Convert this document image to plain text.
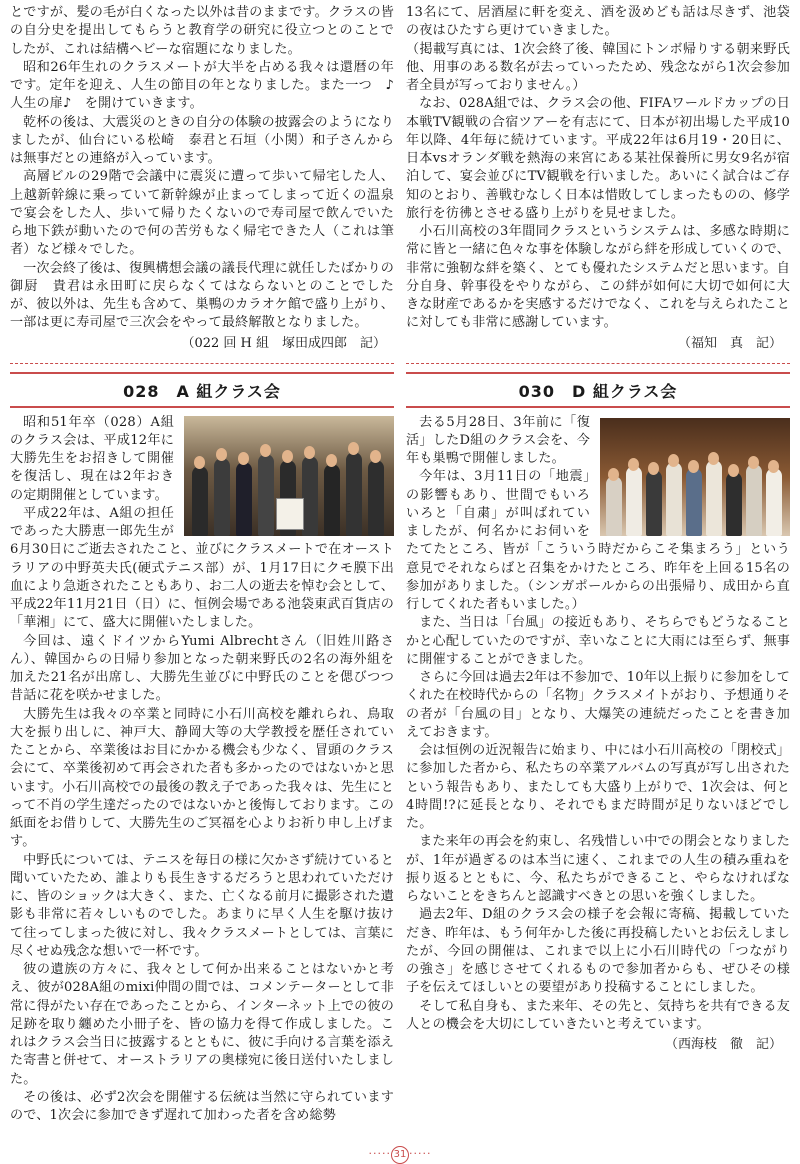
とですが、髪の毛が白くなった以外は昔のままです。クラスの皆の自分史を提出してもらうと教育学の研究に役立つとのことでしたが、これは結構ヘビーな宿題になりました。

昭和26年生れのクラスメートが大半を占める我々は還暦の年です。定年を迎え、人生の節目の年となりました。また一つ　♪人生の扉♪　を開けていきます。

乾杯の後は、大震災のときの自分の体験の披露会のようになりましたが、仙台にいる松崎　泰君と石垣（小関）和子さんからは無事だとの連絡が入っています。

高層ビルの29階で会議中に震災に遭って歩いて帰宅した人、上越新幹線に乗っていて新幹線が止まってしまって近くの温泉で宴会をした人、歩いて帰りたくないので寿司屋で飲んでいたら地下鉄が動いたので何の苦労もなく帰宅できた人（これは筆者）など様々でした。

一次会終了後は、復興構想会議の議長代理に就任したばかりの御厨　貴君は永田町に戻らなくてはならないとのことでしたが、彼以外は、先生も含めて、巣鴨のカラオケ館で盛り上がり、一部は更に寿司屋で三次会をやって最終解散となりました。

（022 回 H 組　塚田成四郎　記）

028　A 組クラス会

昭和51年卒（028）A組のクラス会は、平成12年に大勝先生をお招きして開催を復活し、現在は2年おきの定期開催としています。

平成22年は、A組の担任であった大勝恵一郎先生が6月30日にご逝去されたこと、並びにクラスメートで在オーストラリアの中野英夫氏(硬式テニス部）が、1月17日にクモ膜下出血により急逝されたこともあり、お二人の逝去を悼む会として、平成22年11月21日（日）に、恒例会場である池袋東武百貨店の「華湘」にて、盛大に開催いたしました。

今回は、遠くドイツからYumi Albrechtさん（旧姓川路さん）、韓国からの日帰り参加となった朝来野氏の2名の海外組を加えた21名が出席し、大勝先生並びに中野氏のことを偲びつつ昔話に花を咲かせました。

大勝先生は我々の卒業と同時に小石川高校を離れられ、鳥取大を振り出しに、神戸大、静岡大等の大学教授を歴任されていたことから、卒業後はお目にかかる機会も少なく、冒頭のクラス会にて、卒業後初めて再会された者も多かったのではないかと思います。小石川高校での最後の教え子であった我々は、先生にとって不肖の学生達だったのではないかと後悔しております。この紙面をお借りして、大勝先生のご冥福を心よりお祈り申し上げます。

中野氏については、テニスを毎日の様に欠かさず続けていると聞いていたため、誰よりも長生きするだろうと思われていただけに、皆のショックは大きく、また、亡くなる前月に撮影された遺影も非常に若々しいものでした。あまりに早く人生を駆け抜けて往ってしまった彼に対し、我々クラスメートとしては、言葉に尽くせぬ残念な想いで一杯です。

彼の遺族の方々に、我々として何か出来ることはないかと考え、彼が028A組のmixi仲間の間では、コメンテーターとして非常に得がたい存在であったことから、インターネット上での彼の足跡を取り纏めた小冊子を、皆の協力を得て作成しました。これはクラス会当日に披露するとともに、彼に手向ける言葉を添えた寄書と併せて、オーストラリアの奥様宛に後日送付いたしました。

その後は、必ず2次会を開催する伝統は当然に守られていますので、1次会に参加できず遅れて加わった者を含め総勢

13名にて、居酒屋に軒を変え、酒を汲めども話は尽きず、池袋の夜はひたすら更けていきました。

（掲載写真には、1次会終了後、韓国にトンボ帰りする朝来野氏他、用事のある数名が去っていったため、残念ながら1次会参加者全員が写っておりません。）

なお、028A組では、クラス会の他、FIFAワールドカップの日本戦TV観戦の合宿ツアーを有志にて、日本が初出場した平成10年以降、4年毎に続けています。平成22年は6月19・20日に、日本vsオランダ戦を熱海の来宮にある某社保養所に男女9名が宿泊して、宴会並びにTV観戦を行いました。あいにく試合はご存知のとおり、善戦むなしく日本は惜敗してしまったものの、修学旅行を彷彿とさせる盛り上がりを見せました。

小石川高校の3年間同クラスというシステムは、多感な時期に常に皆と一緒に色々な事を体験しながら絆を形成していくので、非常に強靭な絆を築く、とても優れたシステムだと思います。自分自身、幹事役をやりながら、この絆が如何に大切で如何に大きな財産であるかを実感するだけでなく、これを与えられたことに対しても非常に感謝しています。

（福知　真　記）

030　D 組クラス会

去る5月28日、3年前に「復活」したD組のクラス会を、今年も巣鴨で開催しました。

今年は、3月11日の「地震」の影響もあり、世間でもいろいろと「自粛」が叫ばれていましたが、何名かにお伺いをたてたところ、皆が「こういう時だからこそ集まろう」という意見でそれならばと召集をかけたところ、昨年を上回る15名の参加がありました。（シンガポールからの出張帰り、成田から直行してくれた者もいました。）

また、当日は「台風」の接近もあり、そちらでもどうなることかと心配していたのですが、幸いなことに大雨には至らず、無事に開催することができました。

さらに今回は過去2年は不参加で、10年以上振りに参加をしてくれた在校時代からの「名物」クラスメイトがおり、予想通りその者が「台風の目」となり、大爆笑の連続だったことを書き加えておきます。

会は恒例の近況報告に始まり、中には小石川高校の「閉校式」に参加した者から、私たちの卒業アルバムの写真が写し出されたという報告もあり、またしても大盛り上がりで、1次会は、何と4時間!?に延長となり、それでもまだ時間が足りないほどでした。

また来年の再会を約束し、名残惜しい中での閉会となりましたが、1年が過ぎるのは本当に速く、これまでの人生の積み重ねを振り返るとともに、今、私たちができること、やらなければならないことをきちんと認識すべきとの思いを強くしました。

過去2年、D組のクラス会の様子を会報に寄稿、掲載していただき、昨年は、もう何年かした後に再投稿したいとお伝えしましたが、今回の開催は、これまで以上に小石川時代の「つながりの強さ」を感じさせてくれるもので参加者からも、ぜひその様子を伝えてほしいとの要望があり投稿することにしました。

そして私自身も、また来年、その先と、気持ちを共有できる友人との機会を大切にしていきたいと考えています。

（西海枝　徹　記）

····· 31 ·····
